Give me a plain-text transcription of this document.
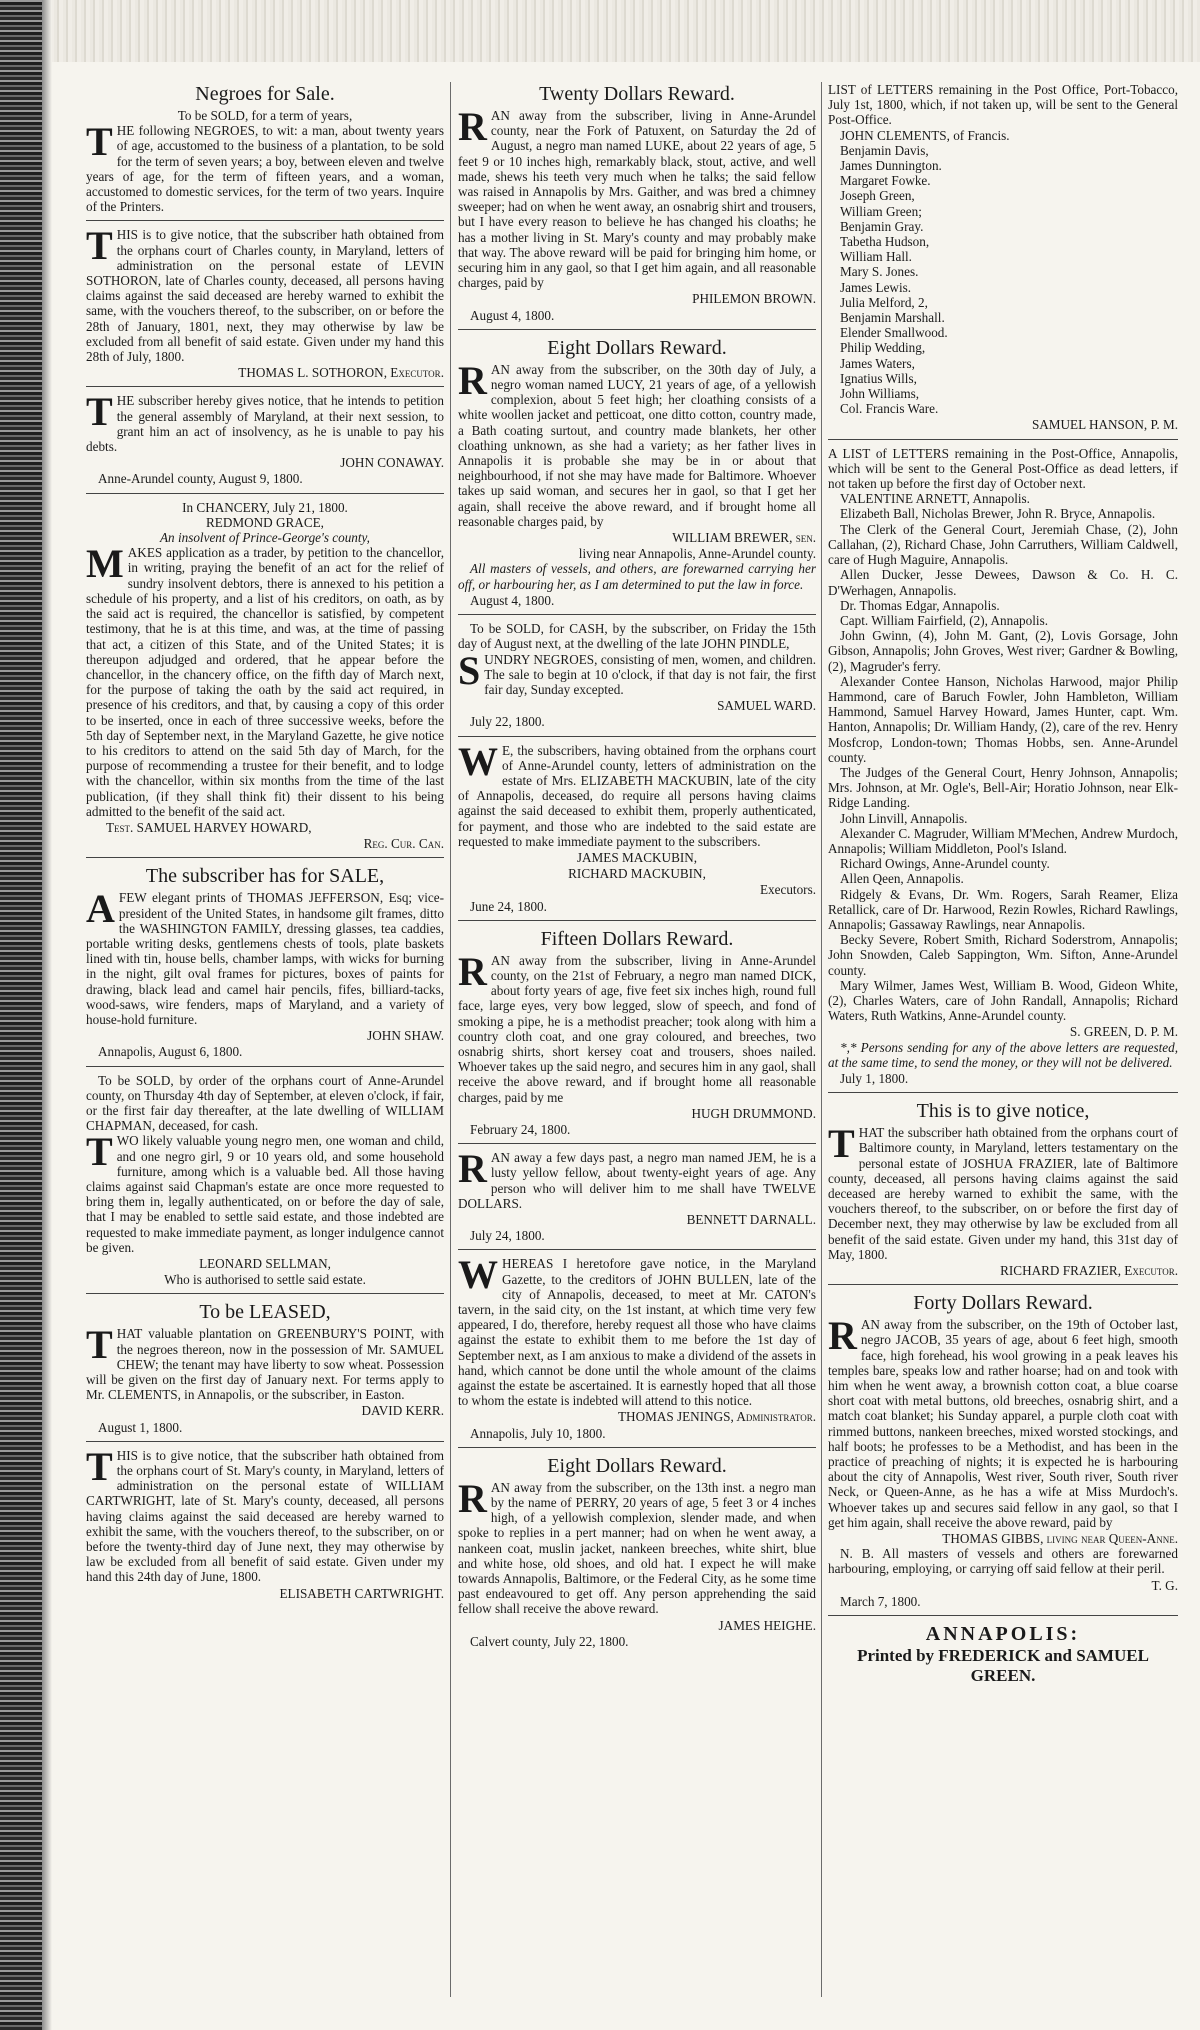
Negroes for Sale.

To be SOLD, for a term of years,

THE following NEGROES, to wit: a man, about twenty years of age, accustomed to the business of a plantation, to be sold for the term of seven years; a boy, between eleven and twelve years of age, for the term of fifteen years, and a woman, accustomed to domestic services, for the term of two years. Inquire of the Printers.

THIS is to give notice, that the subscriber hath obtained from the orphans court of Charles county, in Maryland, letters of administration on the personal estate of LEVIN SOTHORON, late of Charles county, deceased, all persons having claims against the said deceased are hereby warned to exhibit the same, with the vouchers thereof, to the subscriber, on or before the 28th of January, 1801, next, they may otherwise by law be excluded from all benefit of said estate. Given under my hand this 28th of July, 1800.

THOMAS L. SOTHORON, Executor.

THE subscriber hereby gives notice, that he intends to petition the general assembly of Maryland, at their next session, to grant him an act of insolvency, as he is unable to pay his debts.

JOHN CONAWAY.

Anne-Arundel county, August 9, 1800.

In CHANCERY, July 21, 1800.

REDMOND GRACE,

An insolvent of Prince-George's county,

MAKES application as a trader, by petition to the chancellor, in writing, praying the benefit of an act for the relief of sundry insolvent debtors, there is annexed to his petition a schedule of his property, and a list of his creditors, on oath, as by the said act is required, the chancellor is satisfied, by competent testimony, that he is at this time, and was, at the time of passing that act, a citizen of this State, and of the United States; it is thereupon adjudged and ordered, that he appear before the chancellor, in the chancery office, on the fifth day of March next, for the purpose of taking the oath by the said act required, in presence of his creditors, and that, by causing a copy of this order to be inserted, once in each of three successive weeks, before the 5th day of September next, in the Maryland Gazette, he give notice to his creditors to attend on the said 5th day of March, for the purpose of recommending a trustee for their benefit, and to lodge with the chancellor, within six months from the time of the last publication, (if they shall think fit) their dissent to his being admitted to the benefit of the said act.

Test. SAMUEL HARVEY HOWARD,

Reg. Cur. Can.

The subscriber has for SALE,

AFEW elegant prints of THOMAS JEFFERSON, Esq; vice-president of the United States, in handsome gilt frames, ditto the WASHINGTON FAMILY, dressing glasses, tea caddies, portable writing desks, gentlemens chests of tools, plate baskets lined with tin, house bells, chamber lamps, with wicks for burning in the night, gilt oval frames for pictures, boxes of paints for drawing, black lead and camel hair pencils, fifes, billiard-tacks, wood-saws, wire fenders, maps of Maryland, and a variety of house-hold furniture.

JOHN SHAW.

Annapolis, August 6, 1800.

To be SOLD, by order of the orphans court of Anne-Arundel county, on Thursday 4th day of September, at eleven o'clock, if fair, or the first fair day thereafter, at the late dwelling of WILLIAM CHAPMAN, deceased, for cash.

TWO likely valuable young negro men, one woman and child, and one negro girl, 9 or 10 years old, and some household furniture, among which is a valuable bed. All those having claims against said Chapman's estate are once more requested to bring them in, legally authenticated, on or before the day of sale, that I may be enabled to settle said estate, and those indebted are requested to make immediate payment, as longer indulgence cannot be given.

LEONARD SELLMAN,

Who is authorised to settle said estate.

To be LEASED,

THAT valuable plantation on GREENBURY'S POINT, with the negroes thereon, now in the possession of Mr. SAMUEL CHEW; the tenant may have liberty to sow wheat. Possession will be given on the first day of January next. For terms apply to Mr. CLEMENTS, in Annapolis, or the subscriber, in Easton.

DAVID KERR.

August 1, 1800.

THIS is to give notice, that the subscriber hath obtained from the orphans court of St. Mary's county, in Maryland, letters of administration on the personal estate of WILLIAM CARTWRIGHT, late of St. Mary's county, deceased, all persons having claims against the said deceased are hereby warned to exhibit the same, with the vouchers thereof, to the subscriber, on or before the twenty-third day of June next, they may otherwise by law be excluded from all benefit of said estate. Given under my hand this 24th day of June, 1800.

ELISABETH CARTWRIGHT.

Twenty Dollars Reward.

RAN away from the subscriber, living in Anne-Arundel county, near the Fork of Patuxent, on Saturday the 2d of August, a negro man named LUKE, about 22 years of age, 5 feet 9 or 10 inches high, remarkably black, stout, active, and well made, shews his teeth very much when he talks; the said fellow was raised in Annapolis by Mrs. Gaither, and was bred a chimney sweeper; had on when he went away, an osnabrig shirt and trousers, but I have every reason to believe he has changed his cloaths; he has a mother living in St. Mary's county and may probably make that way. The above reward will be paid for bringing him home, or securing him in any gaol, so that I get him again, and all reasonable charges, paid by

PHILEMON BROWN.

August 4, 1800.

Eight Dollars Reward.

RAN away from the subscriber, on the 30th day of July, a negro woman named LUCY, 21 years of age, of a yellowish complexion, about 5 feet high; her cloathing consists of a white woollen jacket and petticoat, one ditto cotton, country made, a Bath coating surtout, and country made blankets, her other cloathing unknown, as she had a variety; as her father lives in Annapolis it is probable she may be in or about that neighbourhood, if not she may have made for Baltimore. Whoever takes up said woman, and secures her in gaol, so that I get her again, shall receive the above reward, and if brought home all reasonable charges paid, by

WILLIAM BREWER, sen.

living near Annapolis, Anne-Arundel county.

All masters of vessels, and others, are forewarned carrying her off, or harbouring her, as I am determined to put the law in force.

August 4, 1800.

To be SOLD, for CASH, by the subscriber, on Friday the 15th day of August next, at the dwelling of the late JOHN PINDLE,

SUNDRY NEGROES, consisting of men, women, and children. The sale to begin at 10 o'clock, if that day is not fair, the first fair day, Sunday excepted.

SAMUEL WARD.

July 22, 1800.

WE, the subscribers, having obtained from the orphans court of Anne-Arundel county, letters of administration on the estate of Mrs. ELIZABETH MACKUBIN, late of the city of Annapolis, deceased, do require all persons having claims against the said deceased to exhibit them, properly authenticated, for payment, and those who are indebted to the said estate are requested to make immediate payment to the subscribers.

JAMES MACKUBIN,

RICHARD MACKUBIN,

Executors.

June 24, 1800.

Fifteen Dollars Reward.

RAN away from the subscriber, living in Anne-Arundel county, on the 21st of February, a negro man named DICK, about forty years of age, five feet six inches high, round full face, large eyes, very bow legged, slow of speech, and fond of smoking a pipe, he is a methodist preacher; took along with him a country cloth coat, and one gray coloured, and breeches, two osnabrig shirts, short kersey coat and trousers, shoes nailed. Whoever takes up the said negro, and secures him in any gaol, shall receive the above reward, and if brought home all reasonable charges, paid by me

HUGH DRUMMOND.

February 24, 1800.

RAN away a few days past, a negro man named JEM, he is a lusty yellow fellow, about twenty-eight years of age. Any person who will deliver him to me shall have TWELVE DOLLARS.

BENNETT DARNALL.

July 24, 1800.

WHEREAS I heretofore gave notice, in the Maryland Gazette, to the creditors of JOHN BULLEN, late of the city of Annapolis, deceased, to meet at Mr. CATON's tavern, in the said city, on the 1st instant, at which time very few appeared, I do, therefore, hereby request all those who have claims against the estate to exhibit them to me before the 1st day of September next, as I am anxious to make a dividend of the assets in hand, which cannot be done until the whole amount of the claims against the estate be ascertained. It is earnestly hoped that all those to whom the estate is indebted will attend to this notice.

THOMAS JENINGS, Administrator.

Annapolis, July 10, 1800.

Eight Dollars Reward.

RAN away from the subscriber, on the 13th inst. a negro man by the name of PERRY, 20 years of age, 5 feet 3 or 4 inches high, of a yellowish complexion, slender made, and when spoke to replies in a pert manner; had on when he went away, a nankeen coat, muslin jacket, nankeen breeches, white shirt, blue and white hose, old shoes, and old hat. I expect he will make towards Annapolis, Baltimore, or the Federal City, as he some time past endeavoured to get off. Any person apprehending the said fellow shall receive the above reward.

JAMES HEIGHE.

Calvert county, July 22, 1800.

LIST of LETTERS remaining in the Post Office, Port-Tobacco, July 1st, 1800, which, if not taken up, will be sent to the General Post-Office.

JOHN CLEMENTS, of Francis.

Benjamin Davis,

James Dunnington.

Margaret Fowke.

Joseph Green,

William Green;

Benjamin Gray.

Tabetha Hudson,

William Hall.

Mary S. Jones.

James Lewis.

Julia Melford, 2,

Benjamin Marshall.

Elender Smallwood.

Philip Wedding,

James Waters,

Ignatius Wills,

John Williams,

Col. Francis Ware.

SAMUEL HANSON, P. M.

A LIST of LETTERS remaining in the Post-Office, Annapolis, which will be sent to the General Post-Office as dead letters, if not taken up before the first day of October next.

VALENTINE ARNETT, Annapolis.

Elizabeth Ball, Nicholas Brewer, John R. Bryce, Annapolis.

The Clerk of the General Court, Jeremiah Chase, (2), John Callahan, (2), Richard Chase, John Carruthers, William Caldwell, care of Hugh Maguire, Annapolis.

Allen Ducker, Jesse Dewees, Dawson & Co. H. C. D'Werhagen, Annapolis.

Dr. Thomas Edgar, Annapolis.

Capt. William Fairfield, (2), Annapolis.

John Gwinn, (4), John M. Gant, (2), Lovis Gorsage, John Gibson, Annapolis; John Groves, West river; Gardner & Bowling, (2), Magruder's ferry.

Alexander Contee Hanson, Nicholas Harwood, major Philip Hammond, care of Baruch Fowler, John Hambleton, William Hammond, Samuel Harvey Howard, James Hunter, capt. Wm. Hanton, Annapolis; Dr. William Handy, (2), care of the rev. Henry Mosfcrop, London-town; Thomas Hobbs, sen. Anne-Arundel county.

The Judges of the General Court, Henry Johnson, Annapolis; Mrs. Johnson, at Mr. Ogle's, Bell-Air; Horatio Johnson, near Elk-Ridge Landing.

John Linvill, Annapolis.

Alexander C. Magruder, William M'Mechen, Andrew Murdoch, Annapolis; William Middleton, Pool's Island.

Richard Owings, Anne-Arundel county.

Allen Qeen, Annapolis.

Ridgely & Evans, Dr. Wm. Rogers, Sarah Reamer, Eliza Retallick, care of Dr. Harwood, Rezin Rowles, Richard Rawlings, Annapolis; Gassaway Rawlings, near Annapolis.

Becky Severe, Robert Smith, Richard Soderstrom, Annapolis; John Snowden, Caleb Sappington, Wm. Sifton, Anne-Arundel county.

Mary Wilmer, James West, William B. Wood, Gideon White, (2), Charles Waters, care of John Randall, Annapolis; Richard Waters, Ruth Watkins, Anne-Arundel county.

S. GREEN, D. P. M.

*,* Persons sending for any of the above letters are requested, at the same time, to send the money, or they will not be delivered.

July 1, 1800.

This is to give notice,

THAT the subscriber hath obtained from the orphans court of Baltimore county, in Maryland, letters testamentary on the personal estate of JOSHUA FRAZIER, late of Baltimore county, deceased, all persons having claims against the said deceased are hereby warned to exhibit the same, with the vouchers thereof, to the subscriber, on or before the first day of December next, they may otherwise by law be excluded from all benefit of the said estate. Given under my hand, this 31st day of May, 1800.

RICHARD FRAZIER, Executor.

Forty Dollars Reward.

RAN away from the subscriber, on the 19th of October last, negro JACOB, 35 years of age, about 6 feet high, smooth face, high forehead, his wool growing in a peak leaves his temples bare, speaks low and rather hoarse; had on and took with him when he went away, a brownish cotton coat, a blue coarse short coat with metal buttons, old breeches, osnabrig shirt, and a match coat blanket; his Sunday apparel, a purple cloth coat with rimmed buttons, nankeen breeches, mixed worsted stockings, and half boots; he professes to be a Methodist, and has been in the practice of preaching of nights; it is expected he is harbouring about the city of Annapolis, West river, South river, South river Neck, or Queen-Anne, as he has a wife at Miss Murdoch's. Whoever takes up and secures said fellow in any gaol, so that I get him again, shall receive the above reward, paid by

THOMAS GIBBS, living near Queen-Anne.

N. B. All masters of vessels and others are forewarned harbouring, employing, or carrying off said fellow at their peril.

T. G.

March 7, 1800.

ANNAPOLIS:

Printed by FREDERICK and SAMUEL GREEN.
